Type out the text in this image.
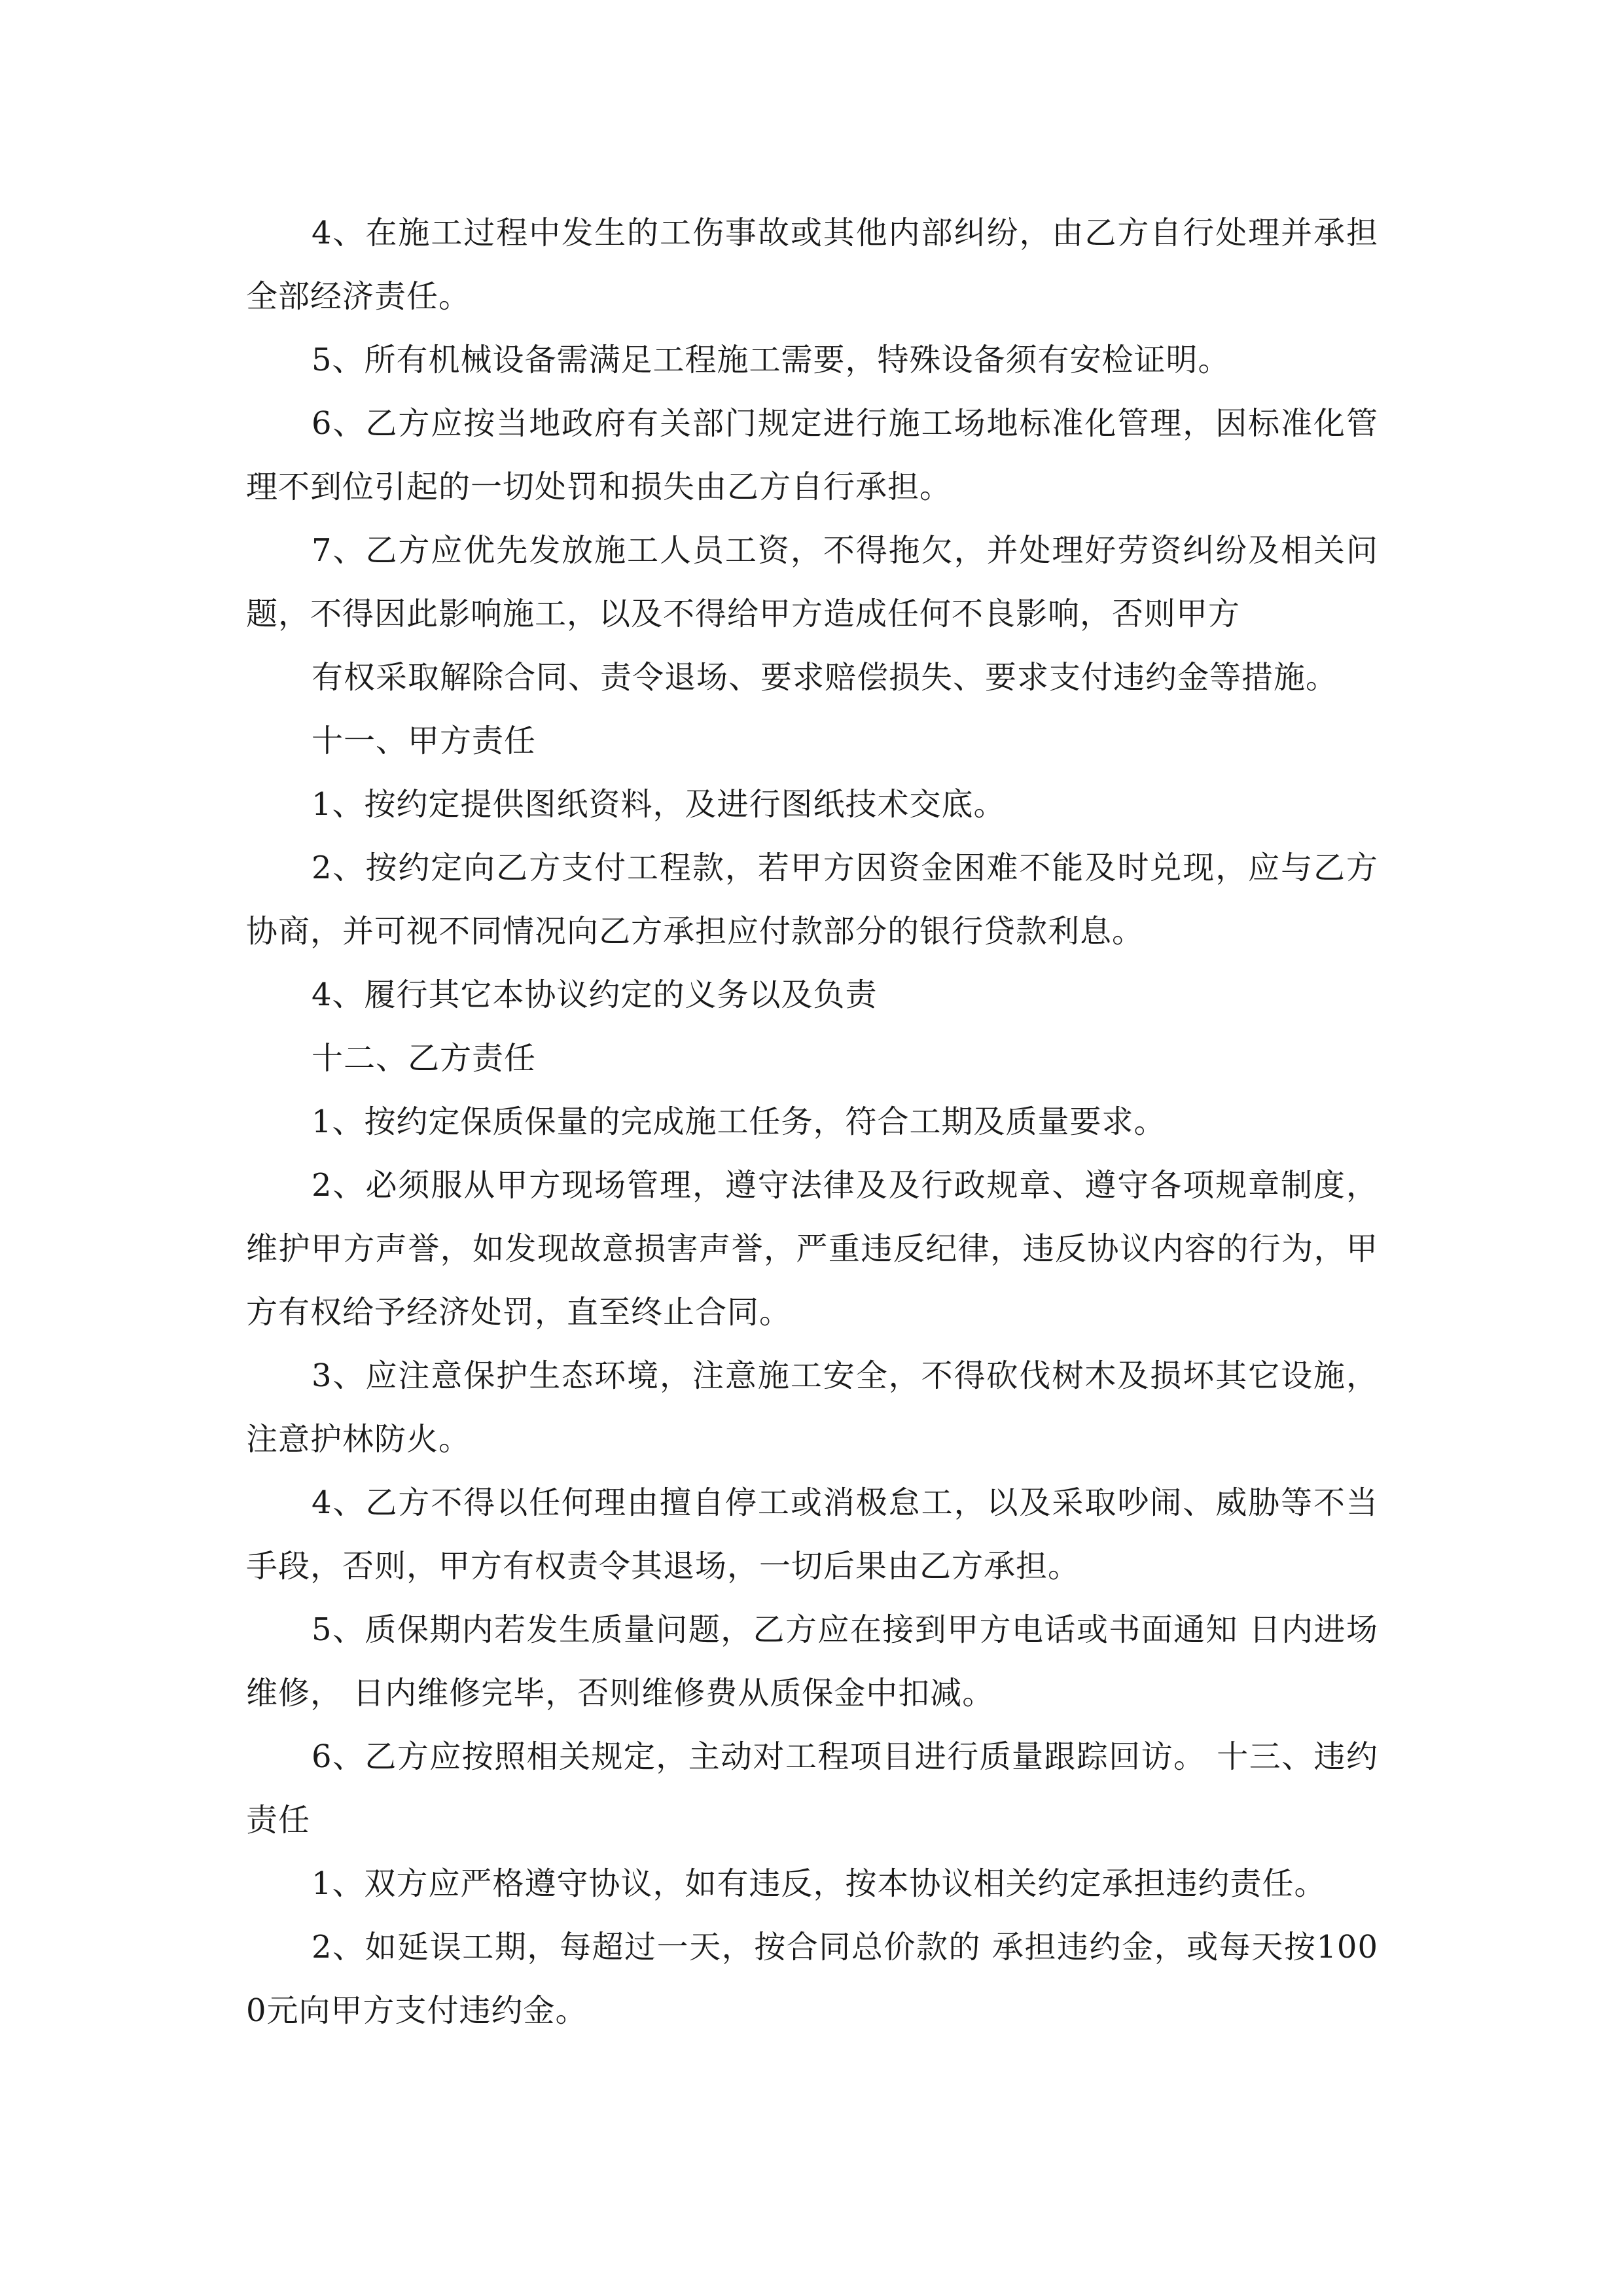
4、在施工过程中发生的工伤事故或其他内部纠纷，由乙方自行处理并承担全部经济责任。

5、所有机械设备需满足工程施工需要，特殊设备须有安检证明。

6、乙方应按当地政府有关部门规定进行施工场地标准化管理，因标准化管理不到位引起的一切处罚和损失由乙方自行承担。

7、乙方应优先发放施工人员工资，不得拖欠，并处理好劳资纠纷及相关问题，不得因此影响施工，以及不得给甲方造成任何不良影响，否则甲方

有权采取解除合同、责令退场、要求赔偿损失、要求支付违约金等措施。

十一、甲方责任

1、按约定提供图纸资料，及进行图纸技术交底。

2、按约定向乙方支付工程款，若甲方因资金困难不能及时兑现，应与乙方协商，并可视不同情况向乙方承担应付款部分的银行贷款利息。

4、履行其它本协议约定的义务以及负责

十二、乙方责任

1、按约定保质保量的完成施工任务，符合工期及质量要求。

2、必须服从甲方现场管理，遵守法律及及行政规章、遵守各项规章制度，维护甲方声誉，如发现故意损害声誉，严重违反纪律，违反协议内容的行为，甲方有权给予经济处罚，直至终止合同。

3、应注意保护生态环境，注意施工安全，不得砍伐树木及损坏其它设施，注意护林防火。

4、乙方不得以任何理由擅自停工或消极怠工，以及采取吵闹、威胁等不当手段，否则，甲方有权责令其退场，一切后果由乙方承担。

5、质保期内若发生质量问题，乙方应在接到甲方电话或书面通知 日内进场维修， 日内维修完毕，否则维修费从质保金中扣减。

6、乙方应按照相关规定，主动对工程项目进行质量跟踪回访。 十三、违约责任

1、双方应严格遵守协议，如有违反，按本协议相关约定承担违约责任。

2、如延误工期，每超过一天，按合同总价款的 承担违约金，或每天按1000元向甲方支付违约金。
